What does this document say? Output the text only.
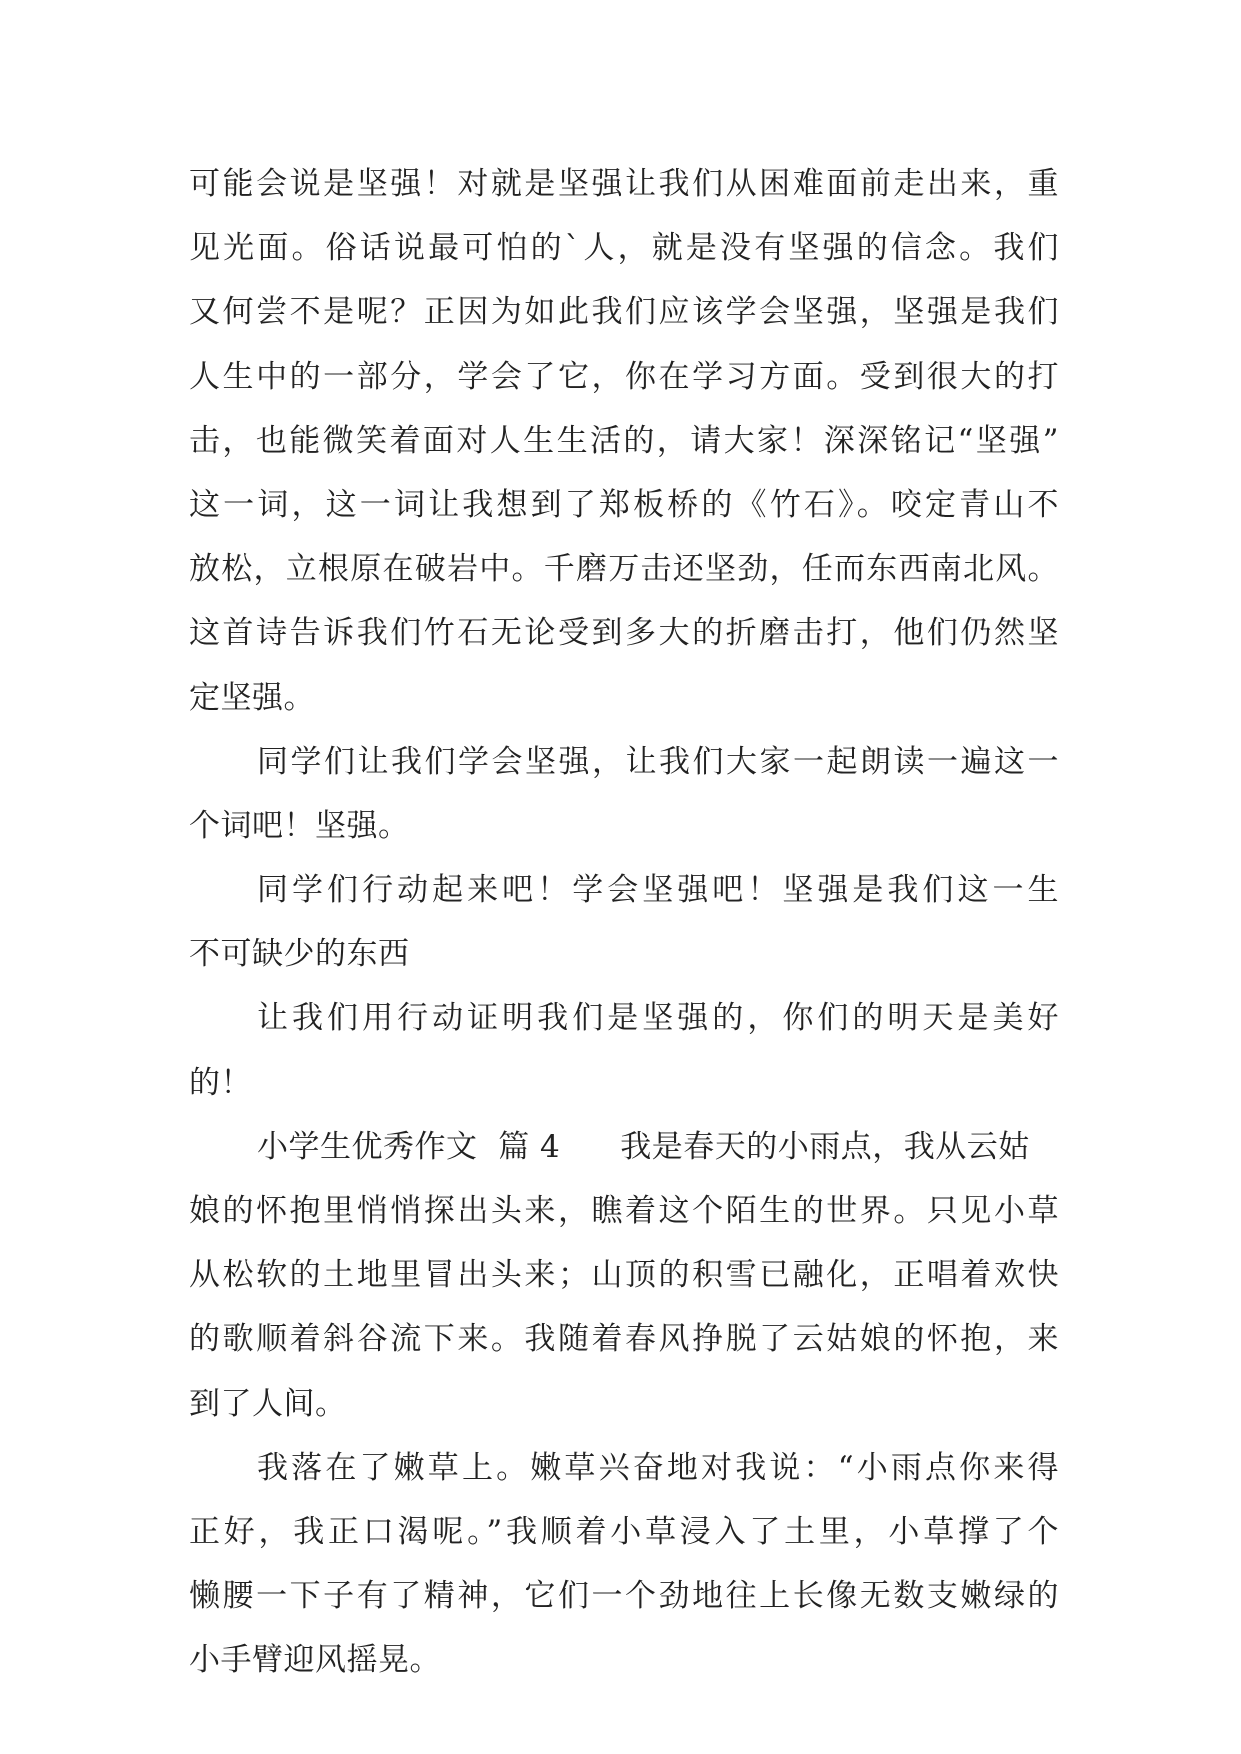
可能会说是坚强！对就是坚强让我们从困难面前走出来，重
见光面。俗话说最可怕的`人，就是没有坚强的信念。我们
又何尝不是呢？正因为如此我们应该学会坚强，坚强是我们
人生中的一部分，学会了它，你在学习方面。受到很大的打
击，也能微笑着面对人生生活的，请大家！深深铭记“坚强”
这一词，这一词让我想到了郑板桥的《竹石》。咬定青山不
放松，立根原在破岩中。千磨万击还坚劲，任而东西南北风。
这首诗告诉我们竹石无论受到多大的折磨击打，他们仍然坚
定坚强。
同学们让我们学会坚强，让我们大家一起朗读一遍这一
个词吧！坚强。
同学们行动起来吧！学会坚强吧！坚强是我们这一生
不可缺少的东西
让我们用行动证明我们是坚强的，你们的明天是美好
的！
小学生优秀作文  篇 4 我是春天的小雨点，我从云姑
娘的怀抱里悄悄探出头来，瞧着这个陌生的世界。只见小草
从松软的土地里冒出头来；山顶的积雪已融化，正唱着欢快
的歌顺着斜谷流下来。我随着春风挣脱了云姑娘的怀抱，来
到了人间。
我落在了嫩草上。嫩草兴奋地对我说：“小雨点你来得
正好，我正口渴呢。”我顺着小草浸入了土里，小草撑了个
懒腰一下子有了精神，它们一个劲地往上长像无数支嫩绿的
小手臂迎风摇晃。
